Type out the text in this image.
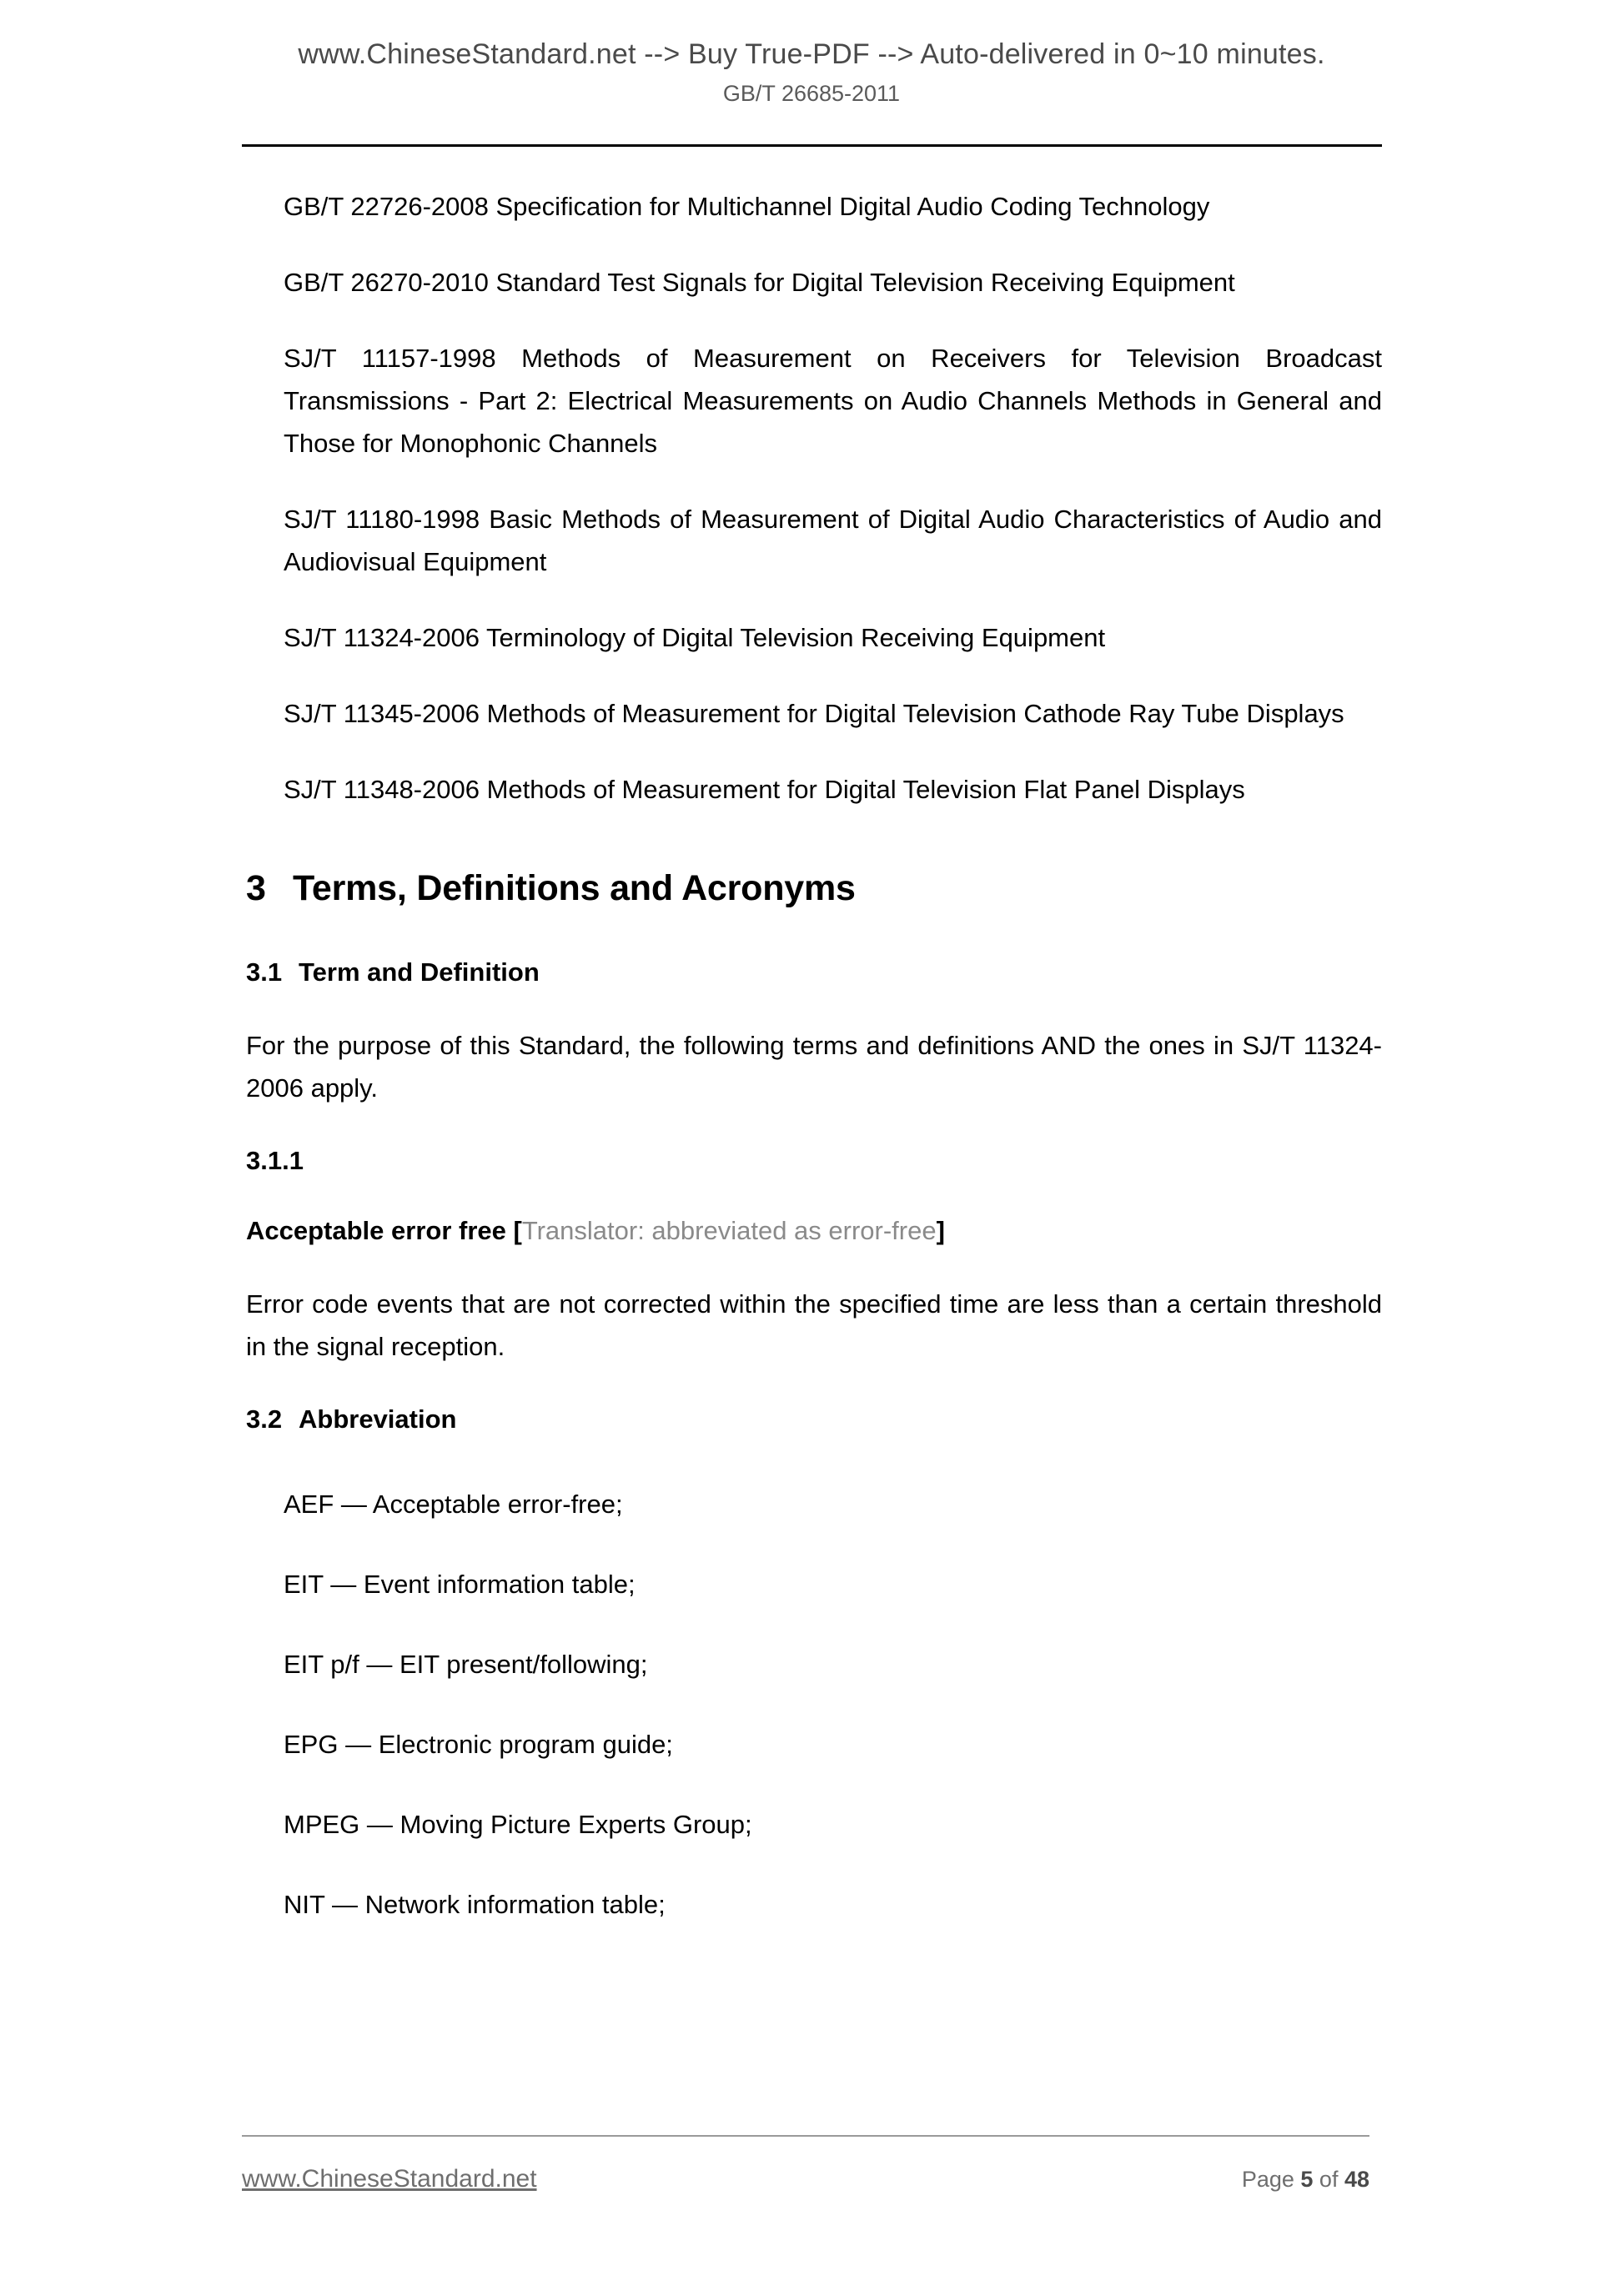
www.ChineseStandard.net --> Buy True-PDF --> Auto-delivered in 0~10 minutes.
GB/T 26685-2011

GB/T 22726-2008 Specification for Multichannel Digital Audio Coding Technology

GB/T 26270-2010 Standard Test Signals for Digital Television Receiving Equipment

SJ/T 11157-1998 Methods of Measurement on Receivers for Television Broadcast Transmissions - Part 2: Electrical Measurements on Audio Channels Methods in General and Those for Monophonic Channels

SJ/T 11180-1998 Basic Methods of Measurement of Digital Audio Characteristics of Audio and Audiovisual Equipment

SJ/T 11324-2006 Terminology of Digital Television Receiving Equipment

SJ/T 11345-2006 Methods of Measurement for Digital Television Cathode Ray Tube Displays

SJ/T 11348-2006 Methods of Measurement for Digital Television Flat Panel Displays

3 Terms, Definitions and Acronyms
3.1 Term and Definition

For the purpose of this Standard, the following terms and definitions AND the ones in SJ/T 11324-2006 apply.

3.1.1

Acceptable error free [Translator: abbreviated as error-free]

Error code events that are not corrected within the specified time are less than a certain threshold in the signal reception.

3.2 Abbreviation

AEF — Acceptable error-free;

EIT — Event information table;

EIT p/f — EIT present/following;

EPG — Electronic program guide;

MPEG — Moving Picture Experts Group;

NIT — Network information table;

www.ChineseStandard.net	Page 5 of 48
